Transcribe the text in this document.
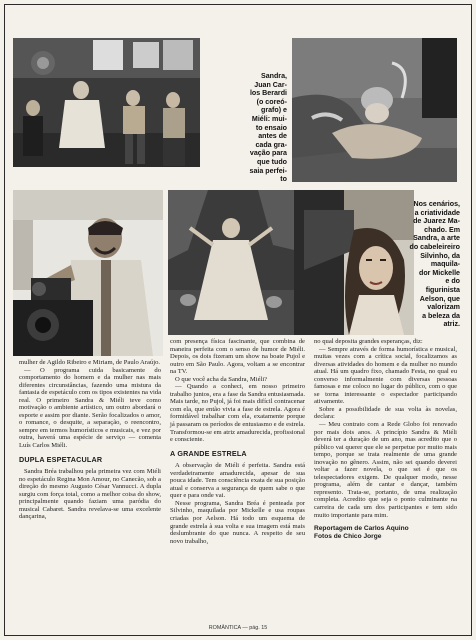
Sandra,
Juan Car-
los Berardi
(o coreó-
grafo) e
Miéli: mui-
to ensaio
antes de
cada gra-
vação para
que tudo
saia perfei-
to
Nos cenários,
a criatividade
de Juarez Ma-
chado. Em
Sandra, a arte
do cabeleireiro
Silvinho, da
maquila-
dor Mickelle
e do
figurinista
Aelson, que
valorizam
a beleza da
atriz.

mulher de Agildo Ribeiro e Miriam, de Paulo Araújo.

— O programa cuida basicamente do comportamento do homem e da mulher nas mais diferentes circunstâncias, fazendo uma mistura da fantasia de espetáculo com os tipos existentes na vida real. O primeiro Sandra & Miéli teve como motivação o ambiente artístico, um outro abordará o esporte e assim por diante. Serão focalizados o amor, o romance, o desquite, a separação, o reencontro, sempre em termos humorísticos e musicais, e vez por outra, haverá uma espécie de serviço — comenta Luís Carlos Miéli.

DUPLA ESPETACULAR

Sandra Bréa trabalhou pela primeira vez com Miéli no espetáculo Regina Mon Amour, no Canecão, sob a direção do mesmo Augusto César Vannucci. A dupla surgiu com força total, como a melhor coisa do show, principalmente quando faziam uma paródia do musical Cabaret. Sandra revelava-se uma excelente dançarina,

com presença física fascinante, que combina de maneira perfeita com o senso de humor de Miéli. Depois, os dois fizeram um show na boate Pujol e outro em São Paulo. Agora, voltam a se encontrar na TV.

O que você acha da Sandra, Miéli?

— Quando a conheci, em nosso primeiro trabalho juntos, era a fase da Sandra entusiasmada. Mais tarde, no Pujol, já foi mais difícil contracenar com ela, que então vivia a fase de estrela. Agora é formidável trabalhar com ela, exatamente porque já passaram os períodos de entusiasmo e de estrela. Transformou-se em atriz amadurecida, profissional e consciente.

A GRANDE ESTRELA

A observação de Miéli é perfeita. Sandra está verdadeiramente amadurecida, apesar de sua pouca idade. Tem consciência exata de sua posição atual e conserva a segurança de quem sabe o que quer e para onde vai.

Nesse programa, Sandra Bréa é penteada por Silvinho, maquilada por Mickelle e usa roupas criadas por Aelson. Há todo um esquema de grande estrela à sua volta e sua imagem está mais deslumbrante do que nunca. A respeito de seu novo trabalho,

no qual deposita grandes esperanças, diz:

— Sempre através de forma humorística e musical, muitas vezes com a crítica social, focalizamos as diversas atividades do homem e da mulher no mundo atual. Há um quadro fixo, chamado Festa, no qual eu converso informalmente com diversas pessoas famosas e me coloco no lugar do público, com o que se torna interessante o espectador participando ativamente.

Sobre a possibilidade de sua volta às novelas, declara:

— Meu contrato com a Rede Globo foi renovado por mais dois anos. A princípio Sandra & Miéli deverá ter a duração de um ano, mas acredito que o público vai querer que ele se perpetue por muito mais tempo, porque se trata realmente de uma grande inovação no gênero. Assim, não sei quando deverei voltar a fazer novela, o que sei é que os telespectadores exigem. De qualquer modo, nesse programa, além de cantar e dançar, também represento. Trata-se, portanto, de uma realização completa. Acredito que seja o ponto culminante na carreira de cada um dos participantes e tem sido muito importante para mim.

Reportagem de Carlos Aquino
Fotos de Chico Jorge
ROMÂNTICA — pág. 15
